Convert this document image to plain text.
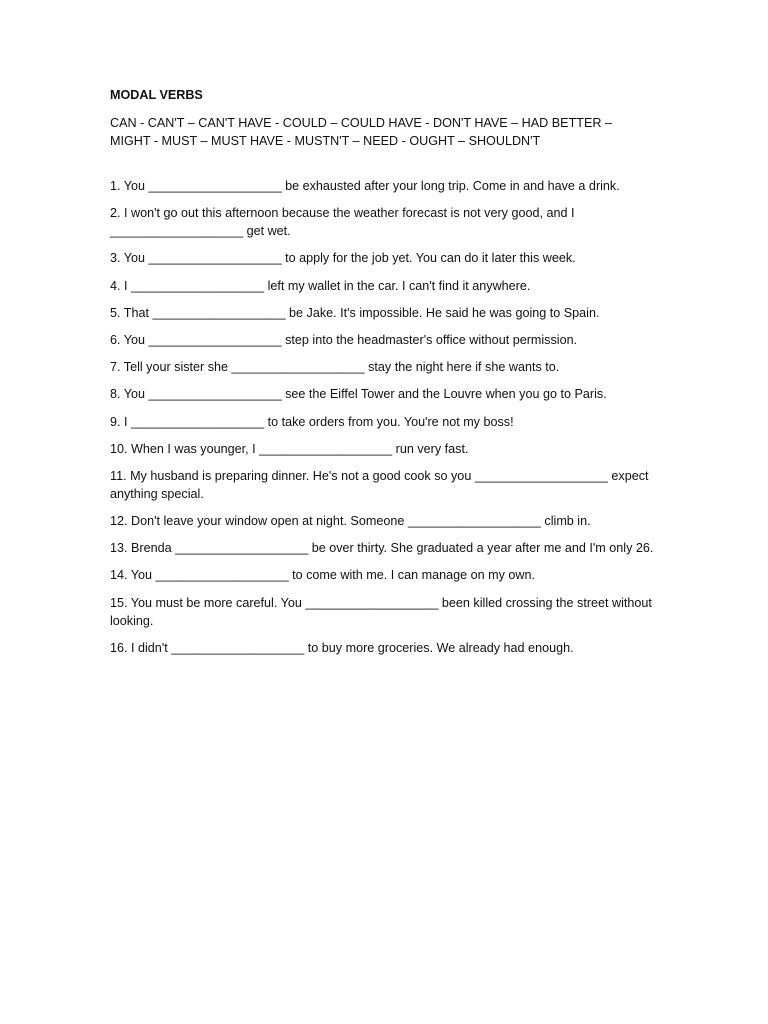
MODAL VERBS

CAN - CAN'T – CAN'T HAVE - COULD – COULD HAVE - DON'T HAVE – HAD BETTER – MIGHT - MUST – MUST HAVE - MUSTN'T – NEED - OUGHT – SHOULDN'T

1. You ___________________ be exhausted after your long trip. Come in and have a drink.

2. I won't go out this afternoon because the weather forecast is not very good, and I ___________________ get wet.

3. You ___________________ to apply for the job yet. You can do it later this week.

4. I ___________________ left my wallet in the car. I can't find it anywhere.

5. That ___________________ be Jake. It's impossible. He said he was going to Spain.

6. You ___________________ step into the headmaster's office without permission.

7. Tell your sister she ___________________ stay the night here if she wants to.

8. You ___________________ see the Eiffel Tower and the Louvre when you go to Paris.

9. I ___________________ to take orders from you. You're not my boss!

10. When I was younger, I ___________________ run very fast.

11. My husband is preparing dinner. He's not a good cook so you ___________________ expect anything special.

12. Don't leave your window open at night. Someone ___________________ climb in.

13. Brenda ___________________ be over thirty. She graduated a year after me and I'm only 26.

14. You ___________________ to come with me. I can manage on my own.

15. You must be more careful. You ___________________ been killed crossing the street without looking.

16. I didn't ___________________ to buy more groceries. We already had enough.
